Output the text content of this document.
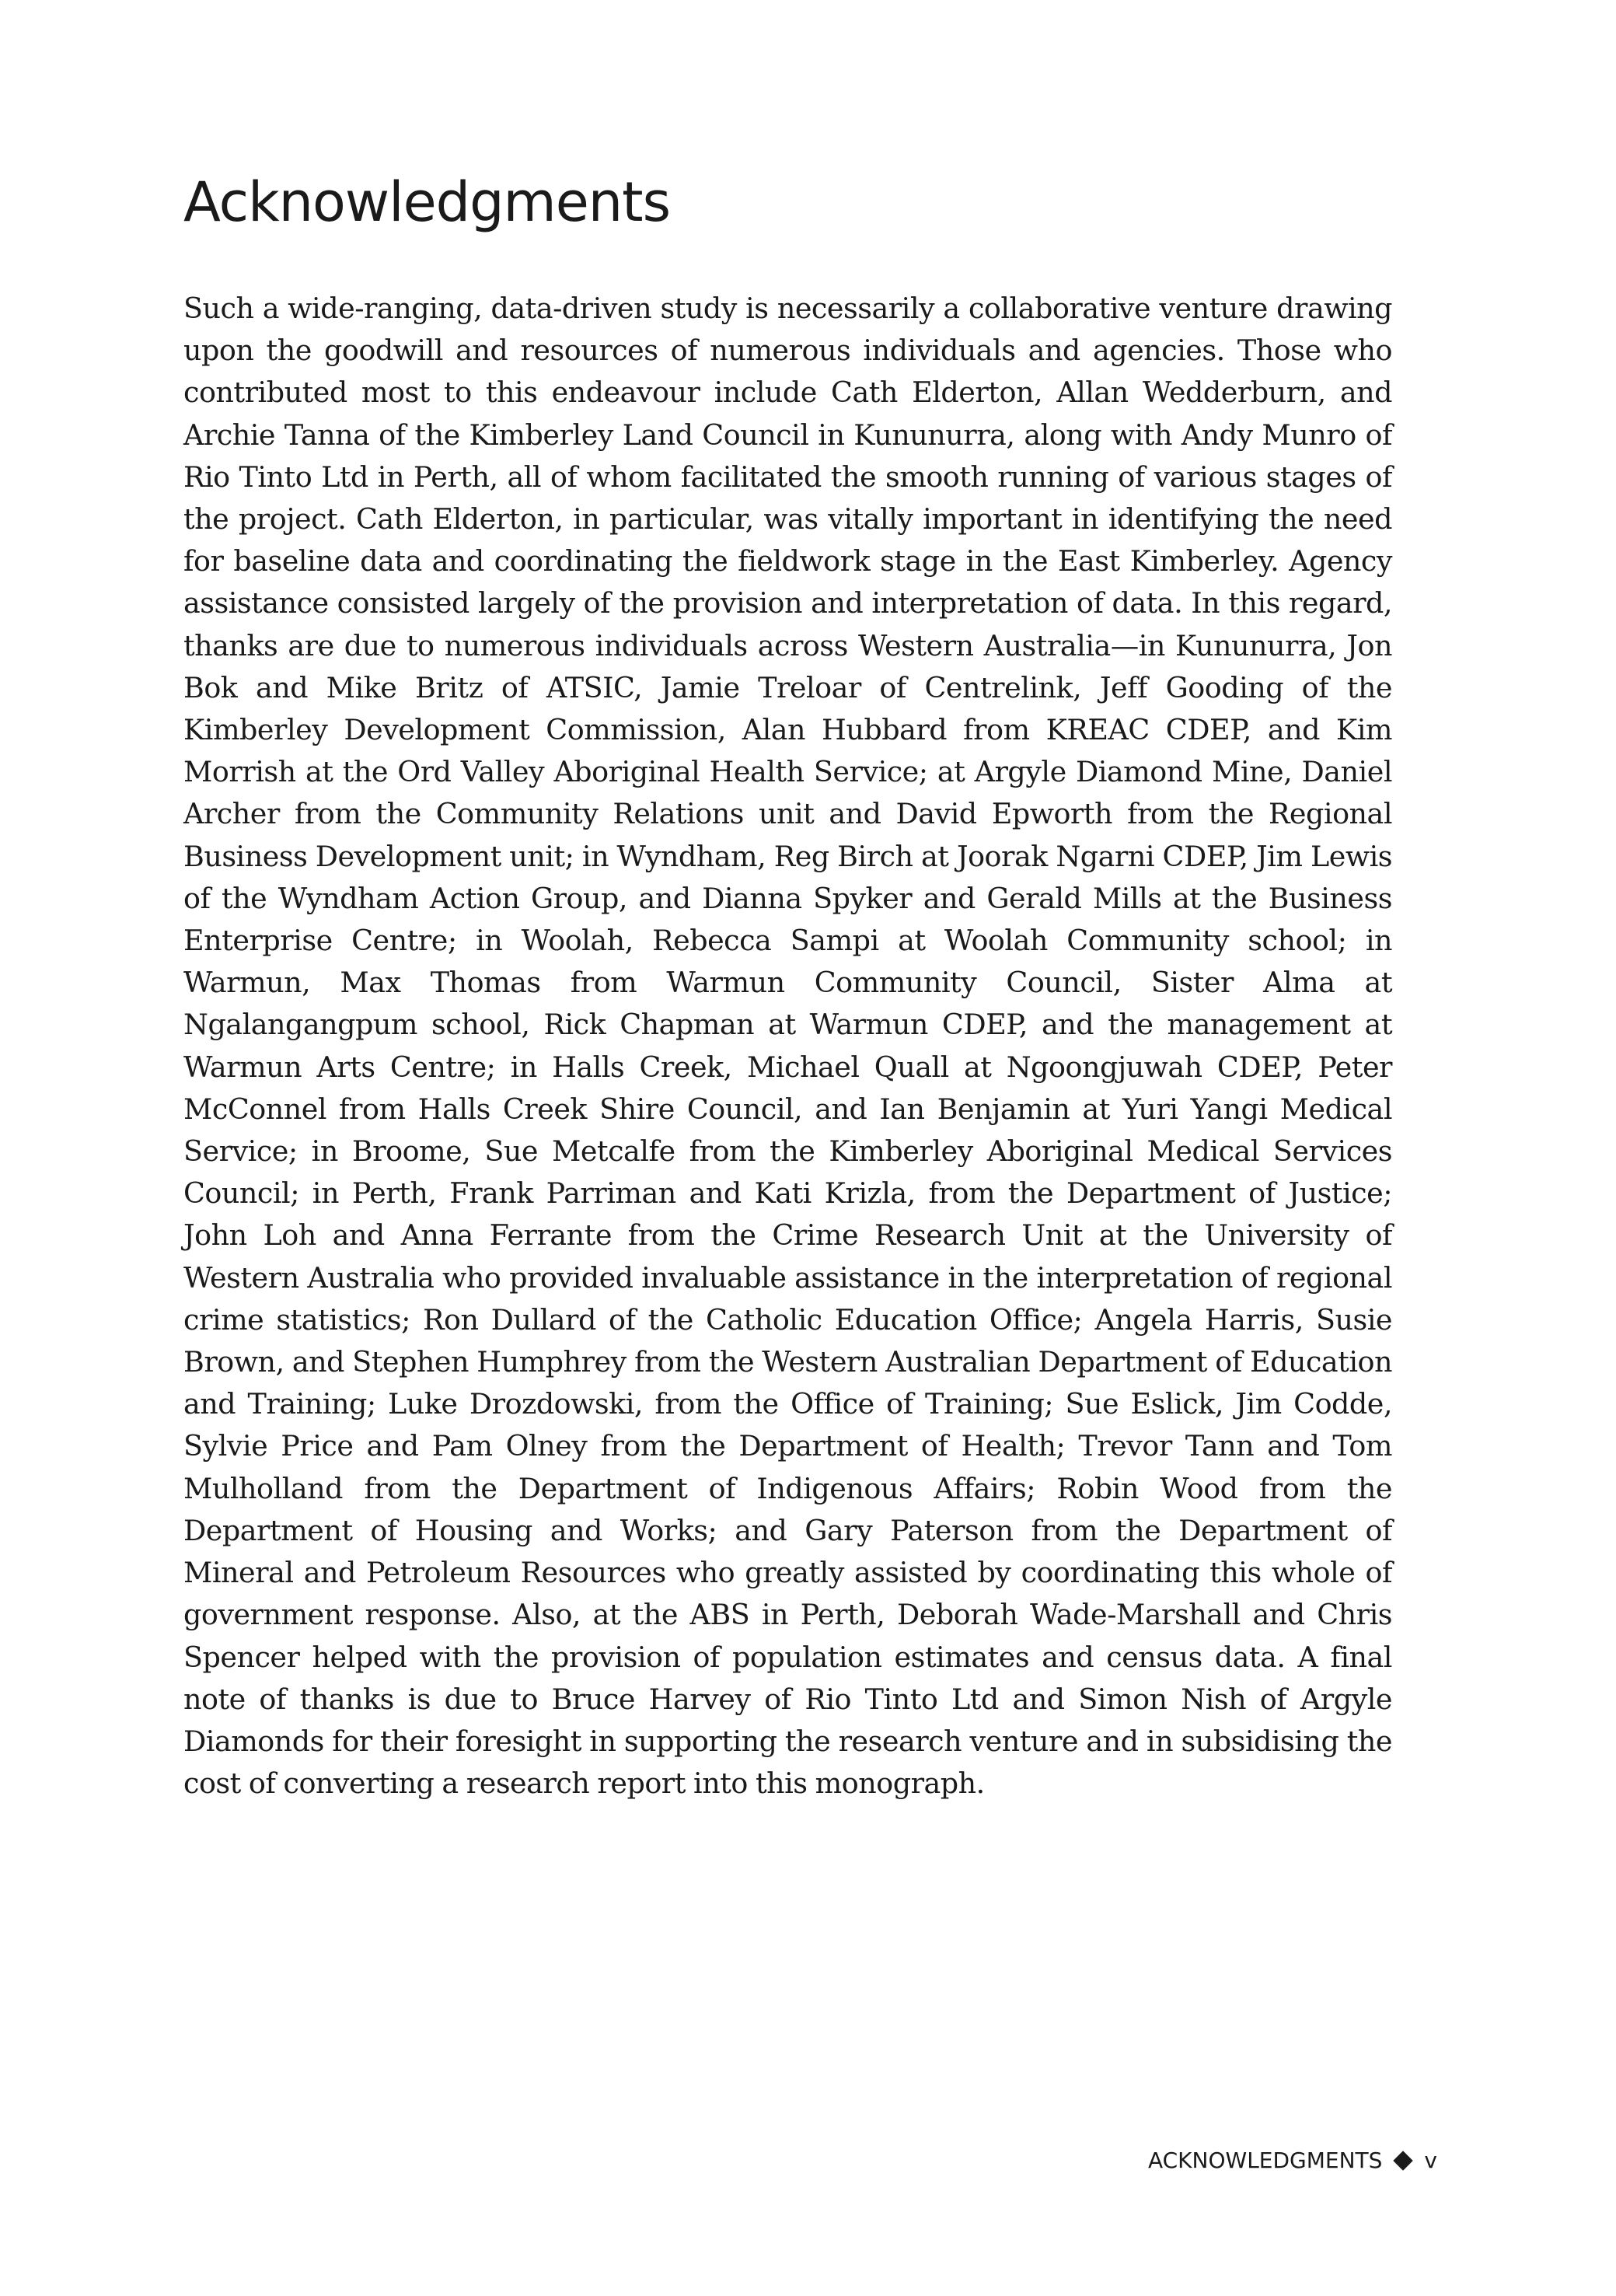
Acknowledgments

Such a wide-ranging, data-driven study is necessarily a collaborative venture drawing upon the goodwill and resources of numerous individuals and agencies. Those who contributed most to this endeavour include Cath Elderton, Allan Wedderburn, and Archie Tanna of the Kimberley Land Council in Kununurra, along with Andy Munro of Rio Tinto Ltd in Perth, all of whom facilitated the smooth running of various stages of the project. Cath Elderton, in particular, was vitally important in identifying the need for baseline data and coordinating the fieldwork stage in the East Kimberley. Agency assistance consisted largely of the provision and interpretation of data. In this regard, thanks are due to numerous individuals across Western Australia—in Kununurra, Jon Bok and Mike Britz of ATSIC, Jamie Treloar of Centrelink, Jeff Gooding of the Kimberley Development Commission, Alan Hubbard from KREAC CDEP, and Kim Morrish at the Ord Valley Aboriginal Health Service; at Argyle Diamond Mine, Daniel Archer from the Community Relations unit and David Epworth from the Regional Business Development unit; in Wyndham, Reg Birch at Joorak Ngarni CDEP, Jim Lewis of the Wyndham Action Group, and Dianna Spyker and Gerald Mills at the Business Enterprise Centre; in Woolah, Rebecca Sampi at Woolah Community school; in Warmun, Max Thomas from Warmun Community Council, Sister Alma at Ngalangangpum school, Rick Chapman at Warmun CDEP, and the management at Warmun Arts Centre; in Halls Creek, Michael Quall at Ngoongjuwah CDEP, Peter McConnel from Halls Creek Shire Council, and Ian Benjamin at Yuri Yangi Medical Service; in Broome, Sue Metcalfe from the Kimberley Aboriginal Medical Services Council; in Perth, Frank Parriman and Kati Krizla, from the Department of Justice; John Loh and Anna Ferrante from the Crime Research Unit at the University of Western Australia who provided invaluable assistance in the interpretation of regional crime statistics; Ron Dullard of the Catholic Education Office; Angela Harris, Susie Brown, and Stephen Humphrey from the Western Australian Department of Education and Training; Luke Drozdowski, from the Office of Training; Sue Eslick, Jim Codde, Sylvie Price and Pam Olney from the Department of Health; Trevor Tann and Tom Mulholland from the Department of Indigenous Affairs; Robin Wood from the Department of Housing and Works; and Gary Paterson from the Department of Mineral and Petroleum Resources who greatly assisted by coordinating this whole of government response. Also, at the ABS in Perth, Deborah Wade-Marshall and Chris Spencer helped with the provision of population estimates and census data. A final note of thanks is due to Bruce Harvey of Rio Tinto Ltd and Simon Nish of Argyle Diamonds for their foresight in supporting the research venture and in subsidising the cost of converting a research report into this monograph.

ACKNOWLEDGMENTS v
